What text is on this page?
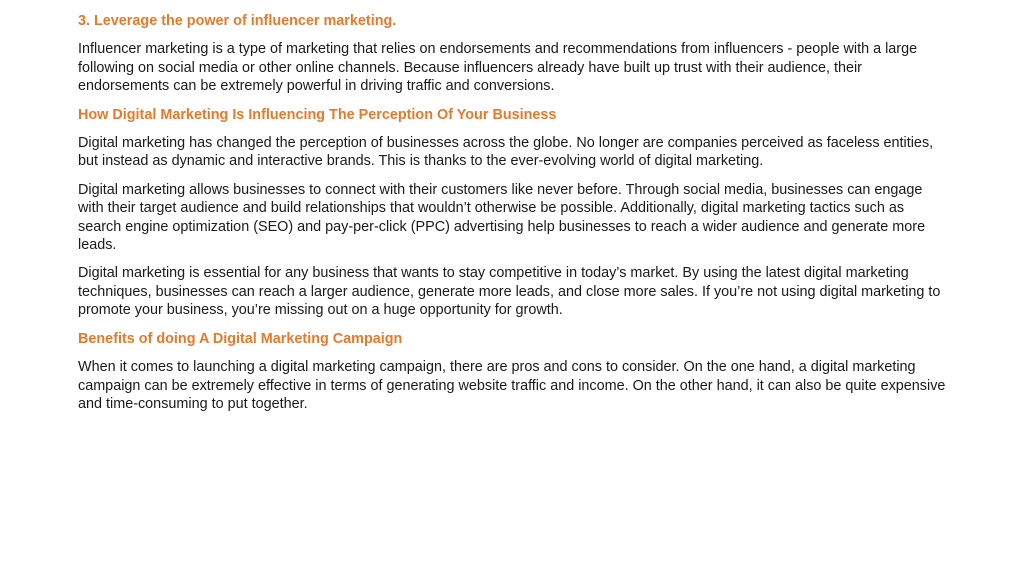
3. Leverage the power of influencer marketing.

Influencer marketing is a type of marketing that relies on endorsements and recommendations from influencers - people with a large following on social media or other online channels. Because influencers already have built up trust with their audience, their endorsements can be extremely powerful in driving traffic and conversions.

How Digital Marketing Is Influencing The Perception Of Your Business

Digital marketing has changed the perception of businesses across the globe. No longer are companies perceived as faceless entities, but instead as dynamic and interactive brands. This is thanks to the ever-evolving world of digital marketing.

Digital marketing allows businesses to connect with their customers like never before. Through social media, businesses can engage with their target audience and build relationships that wouldn’t otherwise be possible. Additionally, digital marketing tactics such as search engine optimization (SEO) and pay-per-click (PPC) advertising help businesses to reach a wider audience and generate more leads.

Digital marketing is essential for any business that wants to stay competitive in today’s market. By using the latest digital marketing techniques, businesses can reach a larger audience, generate more leads, and close more sales. If you’re not using digital marketing to promote your business, you’re missing out on a huge opportunity for growth.

Benefits of doing A Digital Marketing Campaign

When it comes to launching a digital marketing campaign, there are pros and cons to consider. On the one hand, a digital marketing campaign can be extremely effective in terms of generating website traffic and income. On the other hand, it can also be quite expensive and time-consuming to put together.
